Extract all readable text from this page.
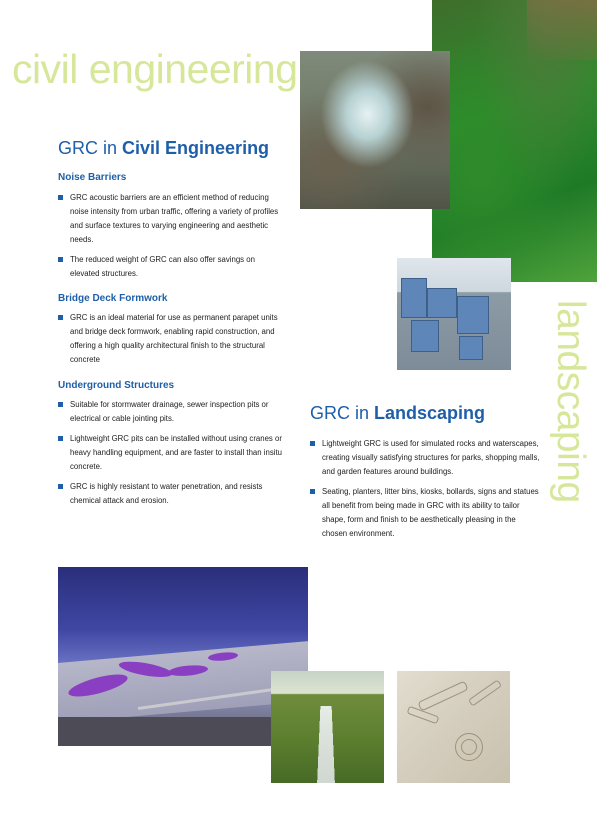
civil engineering
landscaping
GRC in Civil Engineering
Noise Barriers
GRC acoustic barriers are an efficient method of reducing noise intensity from urban traffic, offering a variety of profiles and surface textures to varying engineering and aesthetic needs.
The reduced weight of GRC can also offer savings on elevated structures.
Bridge Deck Formwork
GRC is an ideal material for use as permanent parapet units and bridge deck formwork, enabling rapid construction, and offering a high quality architectural finish to the structural concrete
Underground Structures
Suitable for stormwater drainage, sewer inspection pits or electrical or cable jointing pits.
Lightweight GRC pits can be installed without using cranes or heavy handling equipment, and are faster to install than insitu concrete.
GRC is highly resistant to water penetration, and resists chemical attack and erosion.
GRC in Landscaping
Lightweight GRC is used for simulated rocks and waterscapes, creating visually satisfying structures for parks, shopping malls, and garden features around buildings.
Seating, planters, litter bins, kiosks, bollards, signs and statues all benefit from being made in GRC with its ability to tailor shape, form and finish to be aesthetically pleasing in the chosen environment.
